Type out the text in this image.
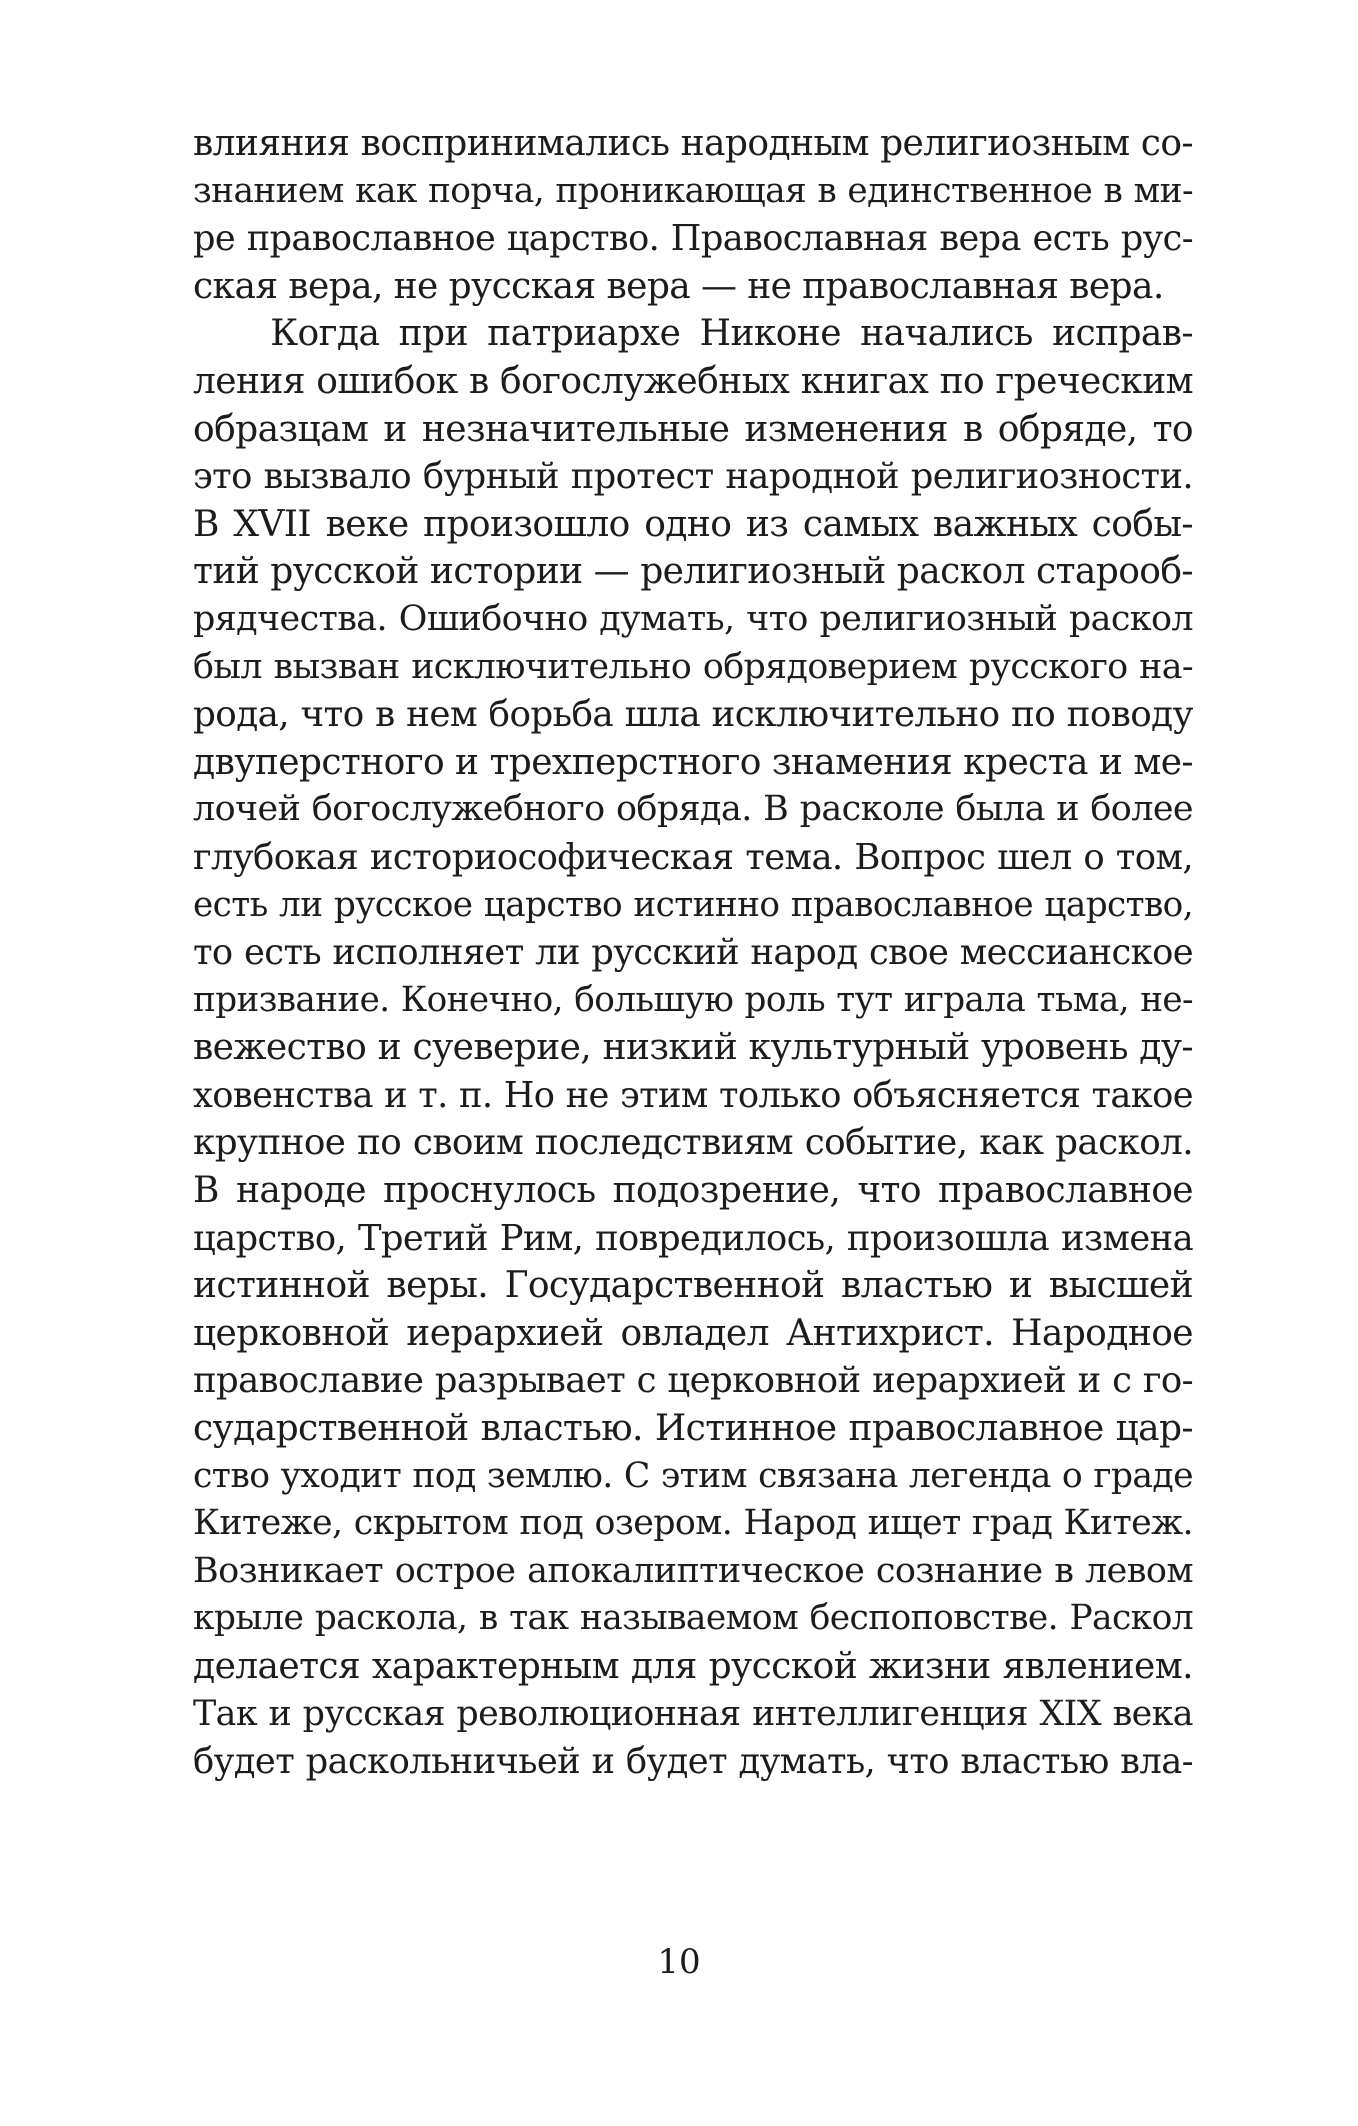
влияния воспринимались народным религиозным со-
знанием как порча, проникающая в единственное в ми-
ре православное царство. Православная вера есть рус-
ская вера, не русская вера — не православная вера.
Когда при патриархе Никоне начались исправ-
ления ошибок в богослужебных книгах по греческим
образцам и незначительные изменения в обряде, то
это вызвало бурный протест народной религиозности.
В XVII веке произошло одно из самых важных собы-
тий русской истории — религиозный раскол старооб-
рядчества. Ошибочно думать, что религиозный раскол
был вызван исключительно обрядоверием русского на-
рода, что в нем борьба шла исключительно по поводу
двуперстного и трехперстного знамения креста и ме-
лочей богослужебного обряда. В расколе была и более
глубокая историософическая тема. Вопрос шел о том,
есть ли русское царство истинно православное царство,
то есть исполняет ли русский народ свое мессианское
призвание. Конечно, большую роль тут играла тьма, не-
вежество и суеверие, низкий культурный уровень ду-
ховенства и т. п. Но не этим только объясняется такое
крупное по своим последствиям событие, как раскол.
В народе проснулось подозрение, что православное
царство, Третий Рим, повредилось, произошла измена
истинной веры. Государственной властью и высшей
церковной иерархией овладел Антихрист. Народное
православие разрывает с церковной иерархией и с го-
сударственной властью. Истинное православное цар-
ство уходит под землю. С этим связана легенда о граде
Китеже, скрытом под озером. Народ ищет град Китеж.
Возникает острое апокалиптическое сознание в левом
крыле раскола, в так называемом беспоповстве. Раскол
делается характерным для русской жизни явлением.
Так и русская революционная интеллигенция XIX века
будет раскольничьей и будет думать, что властью вла-
10
